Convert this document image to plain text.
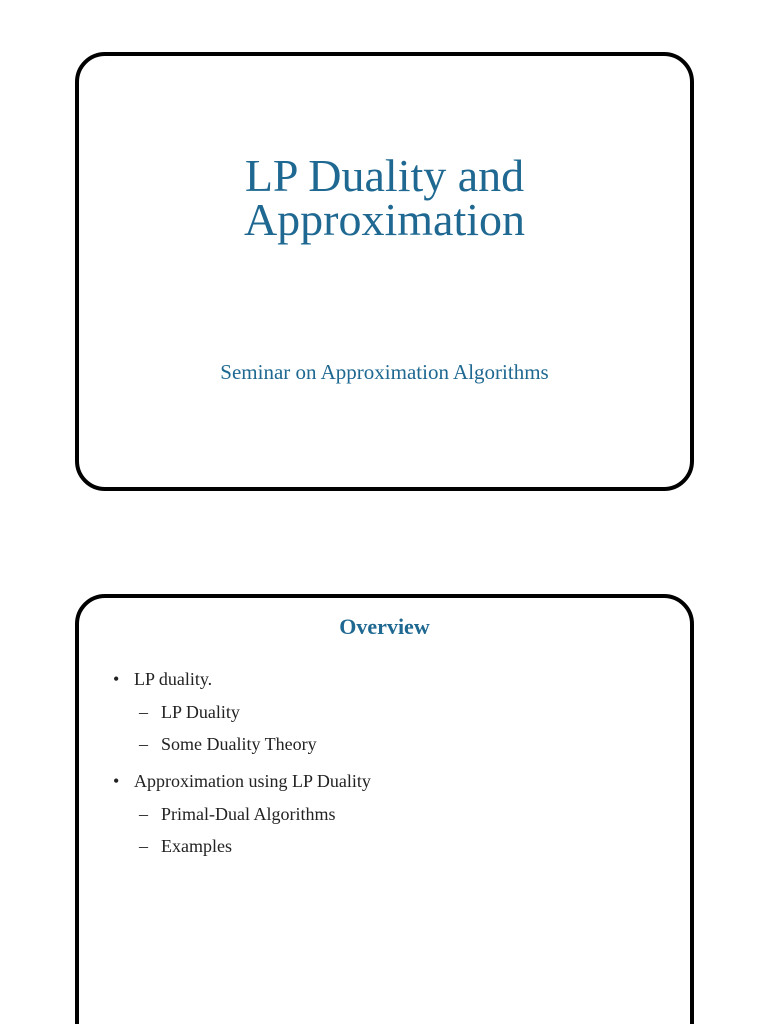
LP Duality and
Approximation
Seminar on Approximation Algorithms
Overview
• LP duality.
– LP Duality
– Some Duality Theory
• Approximation using LP Duality
– Primal-Dual Algorithms
– Examples
